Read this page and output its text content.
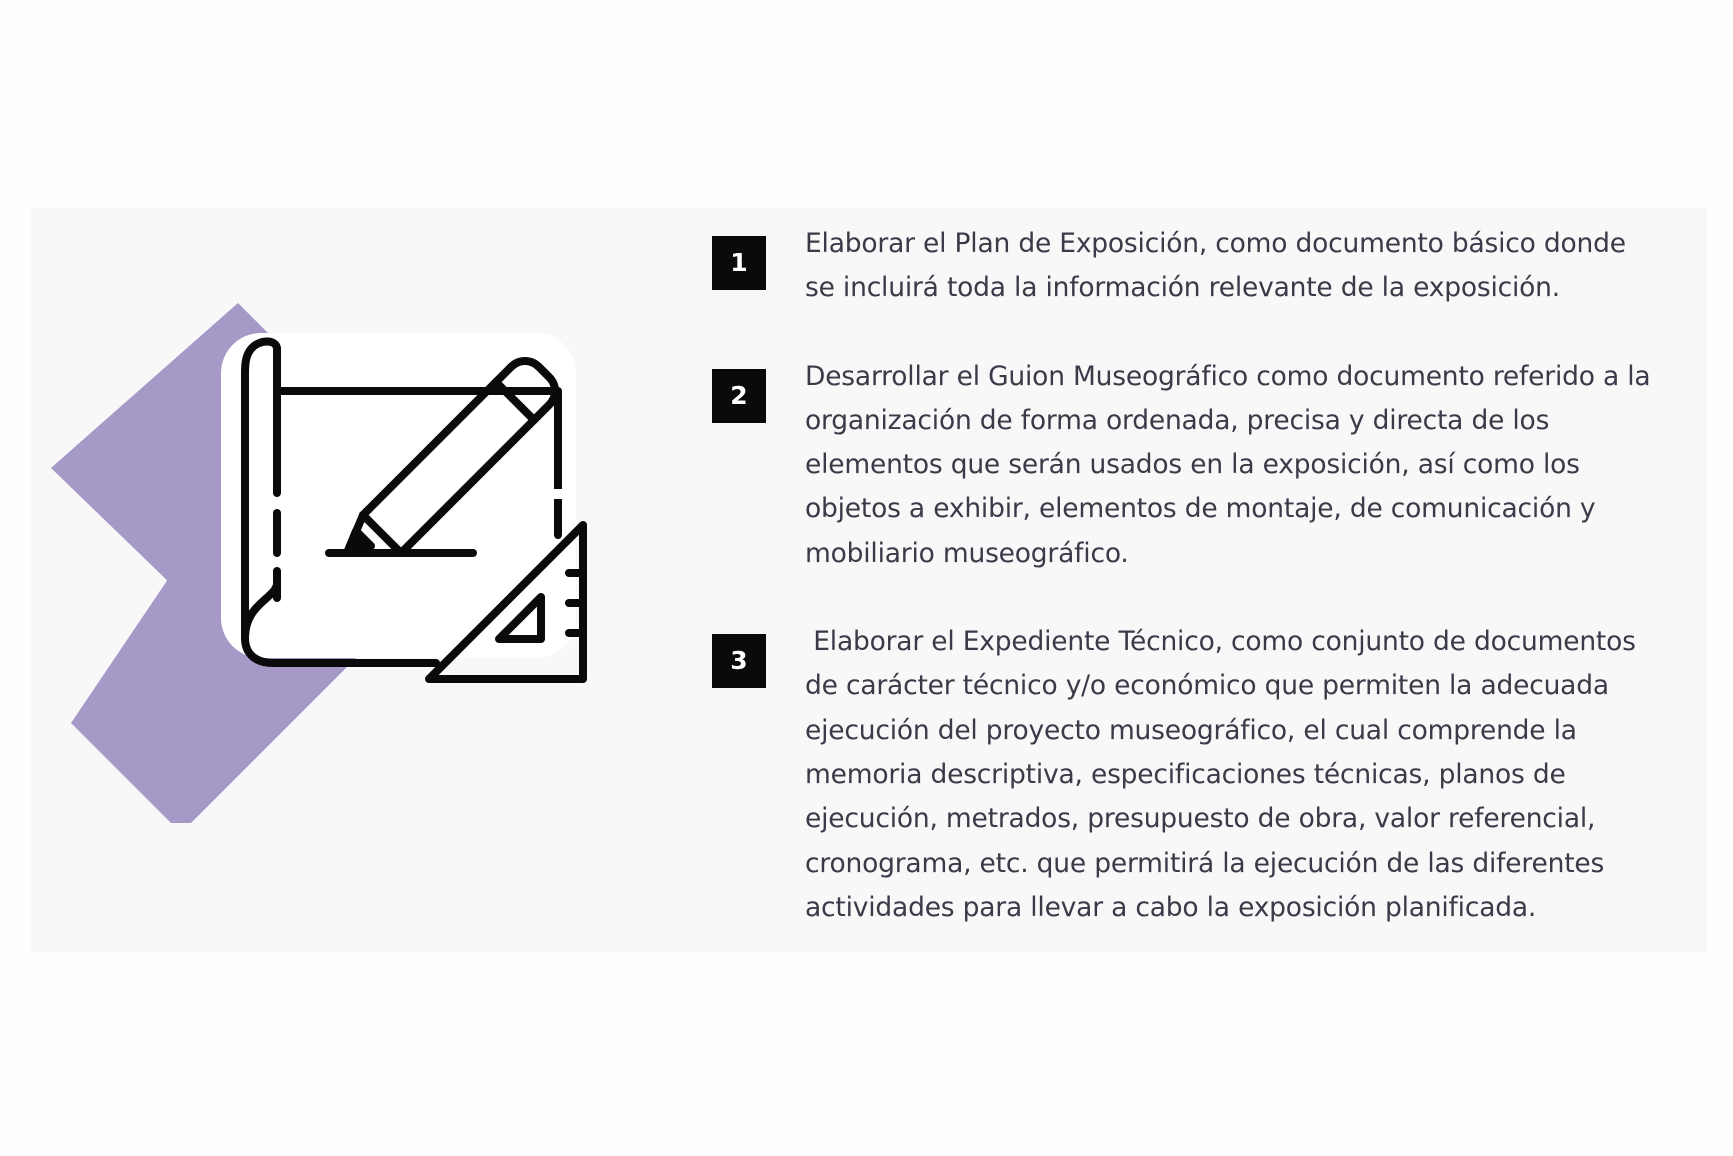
1

Elaborar el Plan de Exposición, como documento básico donde
se incluirá toda la información relevante de la exposición.

2

Desarrollar el Guion Museográfico como documento referido a la
organización de forma ordenada, precisa y directa de los
elementos que serán usados en la exposición, así como los
objetos a exhibir, elementos de montaje, de comunicación y
mobiliario museográfico.

3

Elaborar el Expediente Técnico, como conjunto de documentos
de carácter técnico y/o económico que permiten la adecuada
ejecución del proyecto museográfico, el cual comprende la
memoria descriptiva, especificaciones técnicas, planos de
ejecución, metrados, presupuesto de obra, valor referencial,
cronograma, etc. que permitirá la ejecución de las diferentes
actividades para llevar a cabo la exposición planificada.
